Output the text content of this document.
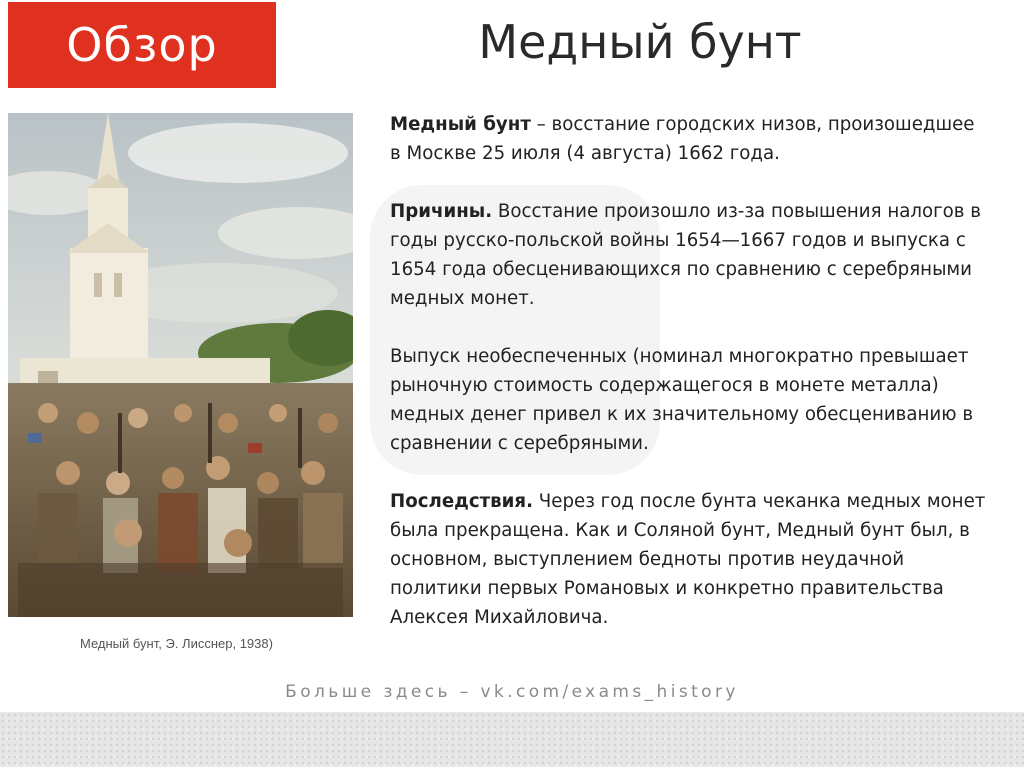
Обзор	Медный бунт
Медный бунт, Э. Лисснер, 1938)

Медный бунт – восстание городских низов, произошедшее в Москве 25 июля (4 августа) 1662 года.

Причины. Восстание произошло из-за повышения налогов в годы русско-польской войны 1654—1667 годов и выпуска с 1654 года обесценивающихся по сравнению с серебряными медных монет.

Выпуск необеспеченных (номинал многократно превышает рыночную стоимость содержащегося в монете металла) медных денег привел к их значительному обесцениванию в сравнении с серебряными.

Последствия. Через год после бунта чеканка медных монет была прекращена. Как и Соляной бунт, Медный бунт был, в основном, выступлением бедноты против неудачной политики первых Романовых и конкретно правительства Алексея Михайловича.

Больше здесь – vk.com/exams_history
